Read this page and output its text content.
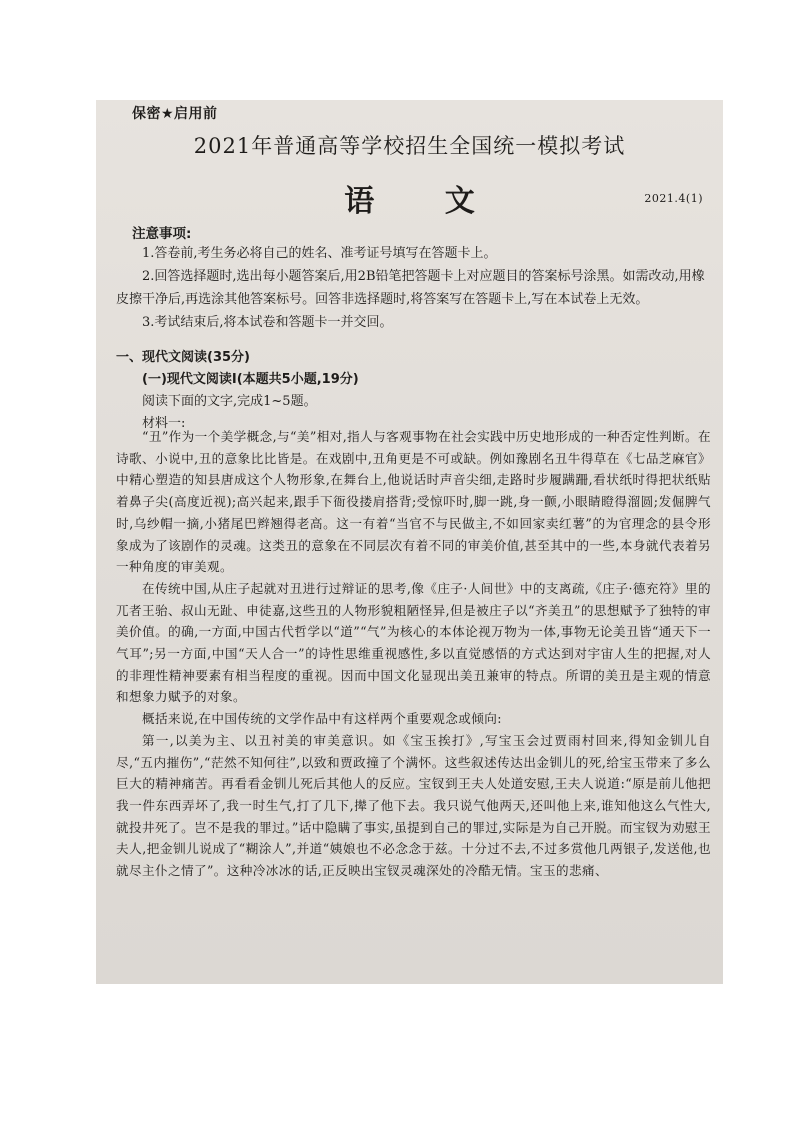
保密★启用前
2021年普通高等学校招生全国统一模拟考试
语 文	2021.4(1)
注意事项:

1.答卷前,考生务必将自己的姓名、准考证号填写在答题卡上。

2.回答选择题时,选出每小题答案后,用2B铅笔把答题卡上对应题目的答案标号涂黑。如需改动,用橡皮擦干净后,再选涂其他答案标号。回答非选择题时,将答案写在答题卡上,写在本试卷上无效。

3.考试结束后,将本试卷和答题卡一并交回。

一、现代文阅读(35分)
(一)现代文阅读Ⅰ(本题共5小题,19分)
阅读下面的文字,完成1~5题。
材料一:

“丑”作为一个美学概念,与“美”相对,指人与客观事物在社会实践中历史地形成的一种否定性判断。在诗歌、小说中,丑的意象比比皆是。在戏剧中,丑角更是不可或缺。例如豫剧名丑牛得草在《七品芝麻官》中精心塑造的知县唐成这个人物形象,在舞台上,他说话时声音尖细,走路时步履蹒跚,看状纸时得把状纸贴着鼻子尖(高度近视);高兴起来,跟手下衙役搂肩搭背;受惊吓时,脚一跳,身一颤,小眼睛瞪得溜圆;发倔脾气时,乌纱帽一摘,小猪尾巴辫翘得老高。这一有着“当官不与民做主,不如回家卖红薯”的为官理念的县令形象成为了该剧作的灵魂。这类丑的意象在不同层次有着不同的审美价值,甚至其中的一些,本身就代表着另一种角度的审美观。

在传统中国,从庄子起就对丑进行过辩证的思考,像《庄子·人间世》中的支离疏,《庄子·德充符》里的兀者王骀、叔山无趾、申徒嘉,这些丑的人物形貌粗陋怪异,但是被庄子以“齐美丑”的思想赋予了独特的审美价值。的确,一方面,中国古代哲学以“道”“气”为核心的本体论视万物为一体,事物无论美丑皆“通天下一气耳”;另一方面,中国“天人合一”的诗性思维重视感性,多以直觉感悟的方式达到对宇宙人生的把握,对人的非理性精神要素有相当程度的重视。因而中国文化显现出美丑兼审的特点。所谓的美丑是主观的情意和想象力赋予的对象。

概括来说,在中国传统的文学作品中有这样两个重要观念或倾向:

第一,以美为主、以丑衬美的审美意识。如《宝玉挨打》,写宝玉会过贾雨村回来,得知金钏儿自尽,“五内摧伤”,“茫然不知何往”,以致和贾政撞了个满怀。这些叙述传达出金钏儿的死,给宝玉带来了多么巨大的精神痛苦。再看看金钏儿死后其他人的反应。宝钗到王夫人处道安慰,王夫人说道:“原是前儿他把我一件东西弄坏了,我一时生气,打了几下,撵了他下去。我只说气他两天,还叫他上来,谁知他这么气性大,就投井死了。岂不是我的罪过。”话中隐瞒了事实,虽提到自己的罪过,实际是为自己开脱。而宝钗为劝慰王夫人,把金钏儿说成了“糊涂人”,并道“姨娘也不必念念于兹。十分过不去,不过多赏他几两银子,发送他,也就尽主仆之情了”。这种冷冰冰的话,正反映出宝钗灵魂深处的冷酷无情。宝玉的悲痛、
